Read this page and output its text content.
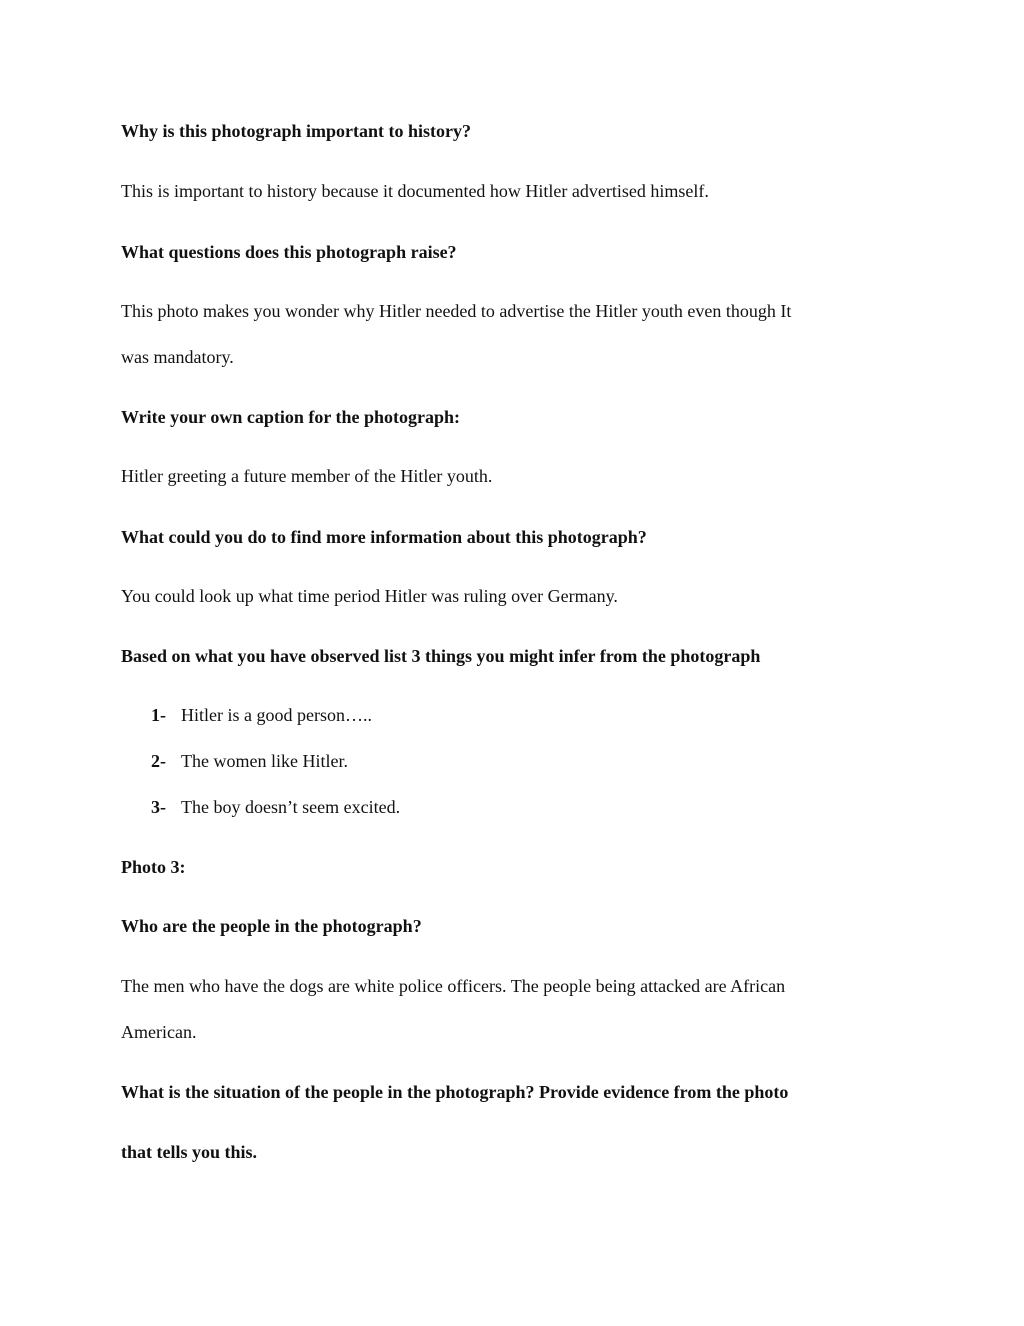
Why is this photograph important to history?
This is important to history because it documented how Hitler advertised himself.
What questions does this photograph raise?
This photo makes you wonder why Hitler needed to advertise the Hitler youth even though It
was mandatory.
Write your own caption for the photograph:
Hitler greeting a future member of the Hitler youth.
What could you do to find more information about this photograph?
You could look up what time period Hitler was ruling over Germany.
Based on what you have observed list 3 things you might infer from the photograph
1- Hitler is a good person…..
2- The women like Hitler.
3- The boy doesn’t seem excited.
Photo 3:
Who are the people in the photograph?
The men who have the dogs are white police officers. The people being attacked are African
American.
What is the situation of the people in the photograph? Provide evidence from the photo
that tells you this.
